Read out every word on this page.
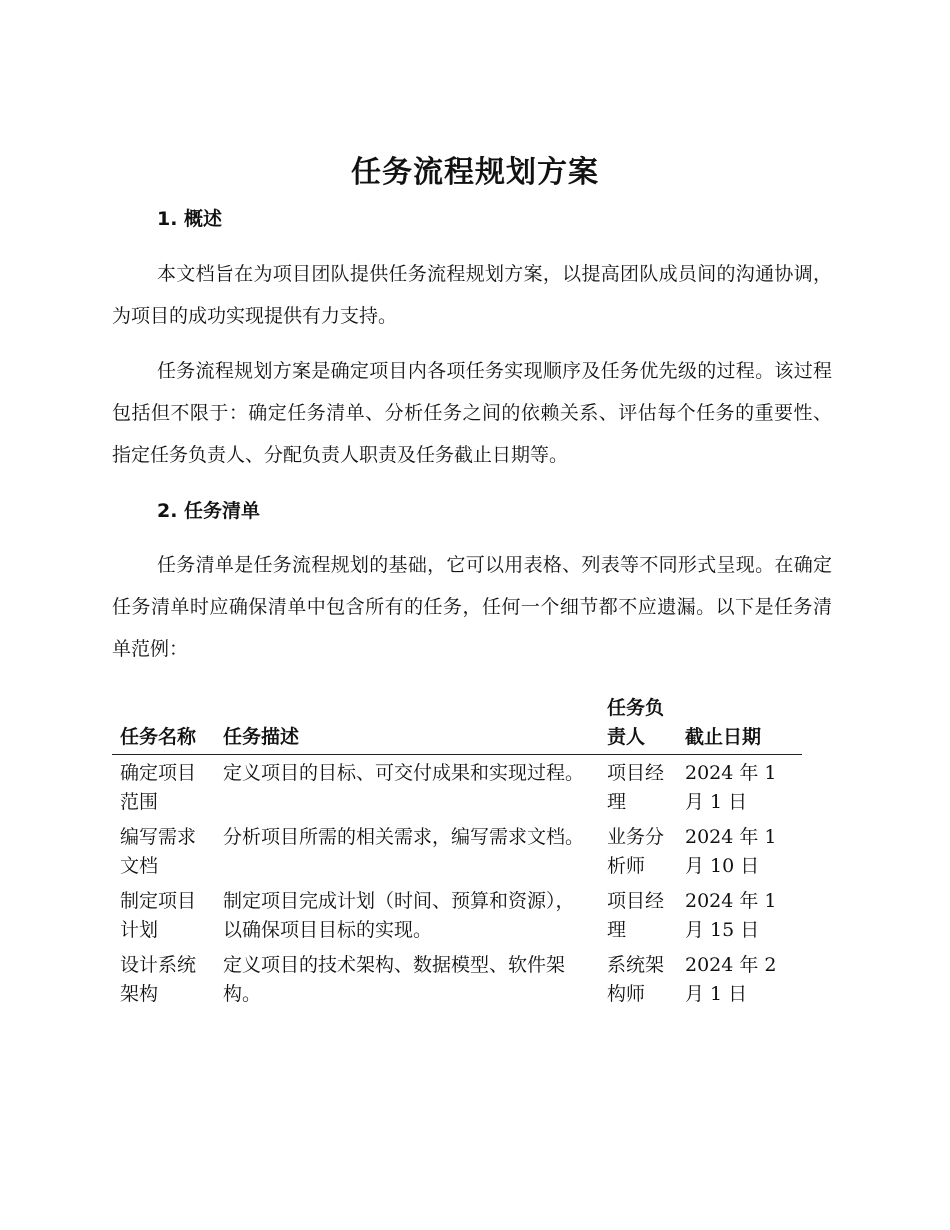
任务流程规划方案
1. 概述

本文档旨在为项目团队提供任务流程规划方案，以提高团队成员间的沟通协调，为项目的成功实现提供有力支持。

任务流程规划方案是确定项目内各项任务实现顺序及任务优先级的过程。该过程包括但不限于：确定任务清单、分析任务之间的依赖关系、评估每个任务的重要性、指定任务负责人、分配负责人职责及任务截止日期等。

2. 任务清单

任务清单是任务流程规划的基础，它可以用表格、列表等不同形式呈现。在确定任务清单时应确保清单中包含所有的任务，任何一个细节都不应遗漏。以下是任务清单范例：

任务名称	任务描述	任务负责人	截止日期
确定项目范围	定义项目的目标、可交付成果和实现过程。	项目经理	2024 年 1 月 1 日
编写需求文档	分析项目所需的相关需求，编写需求文档。	业务分析师	2024 年 1 月 10 日
制定项目计划	制定项目完成计划（时间、预算和资源），以确保项目目标的实现。	项目经理	2024 年 1 月 15 日
设计系统架构	定义项目的技术架构、数据模型、软件架构。	系统架构师	2024 年 2 月 1 日
